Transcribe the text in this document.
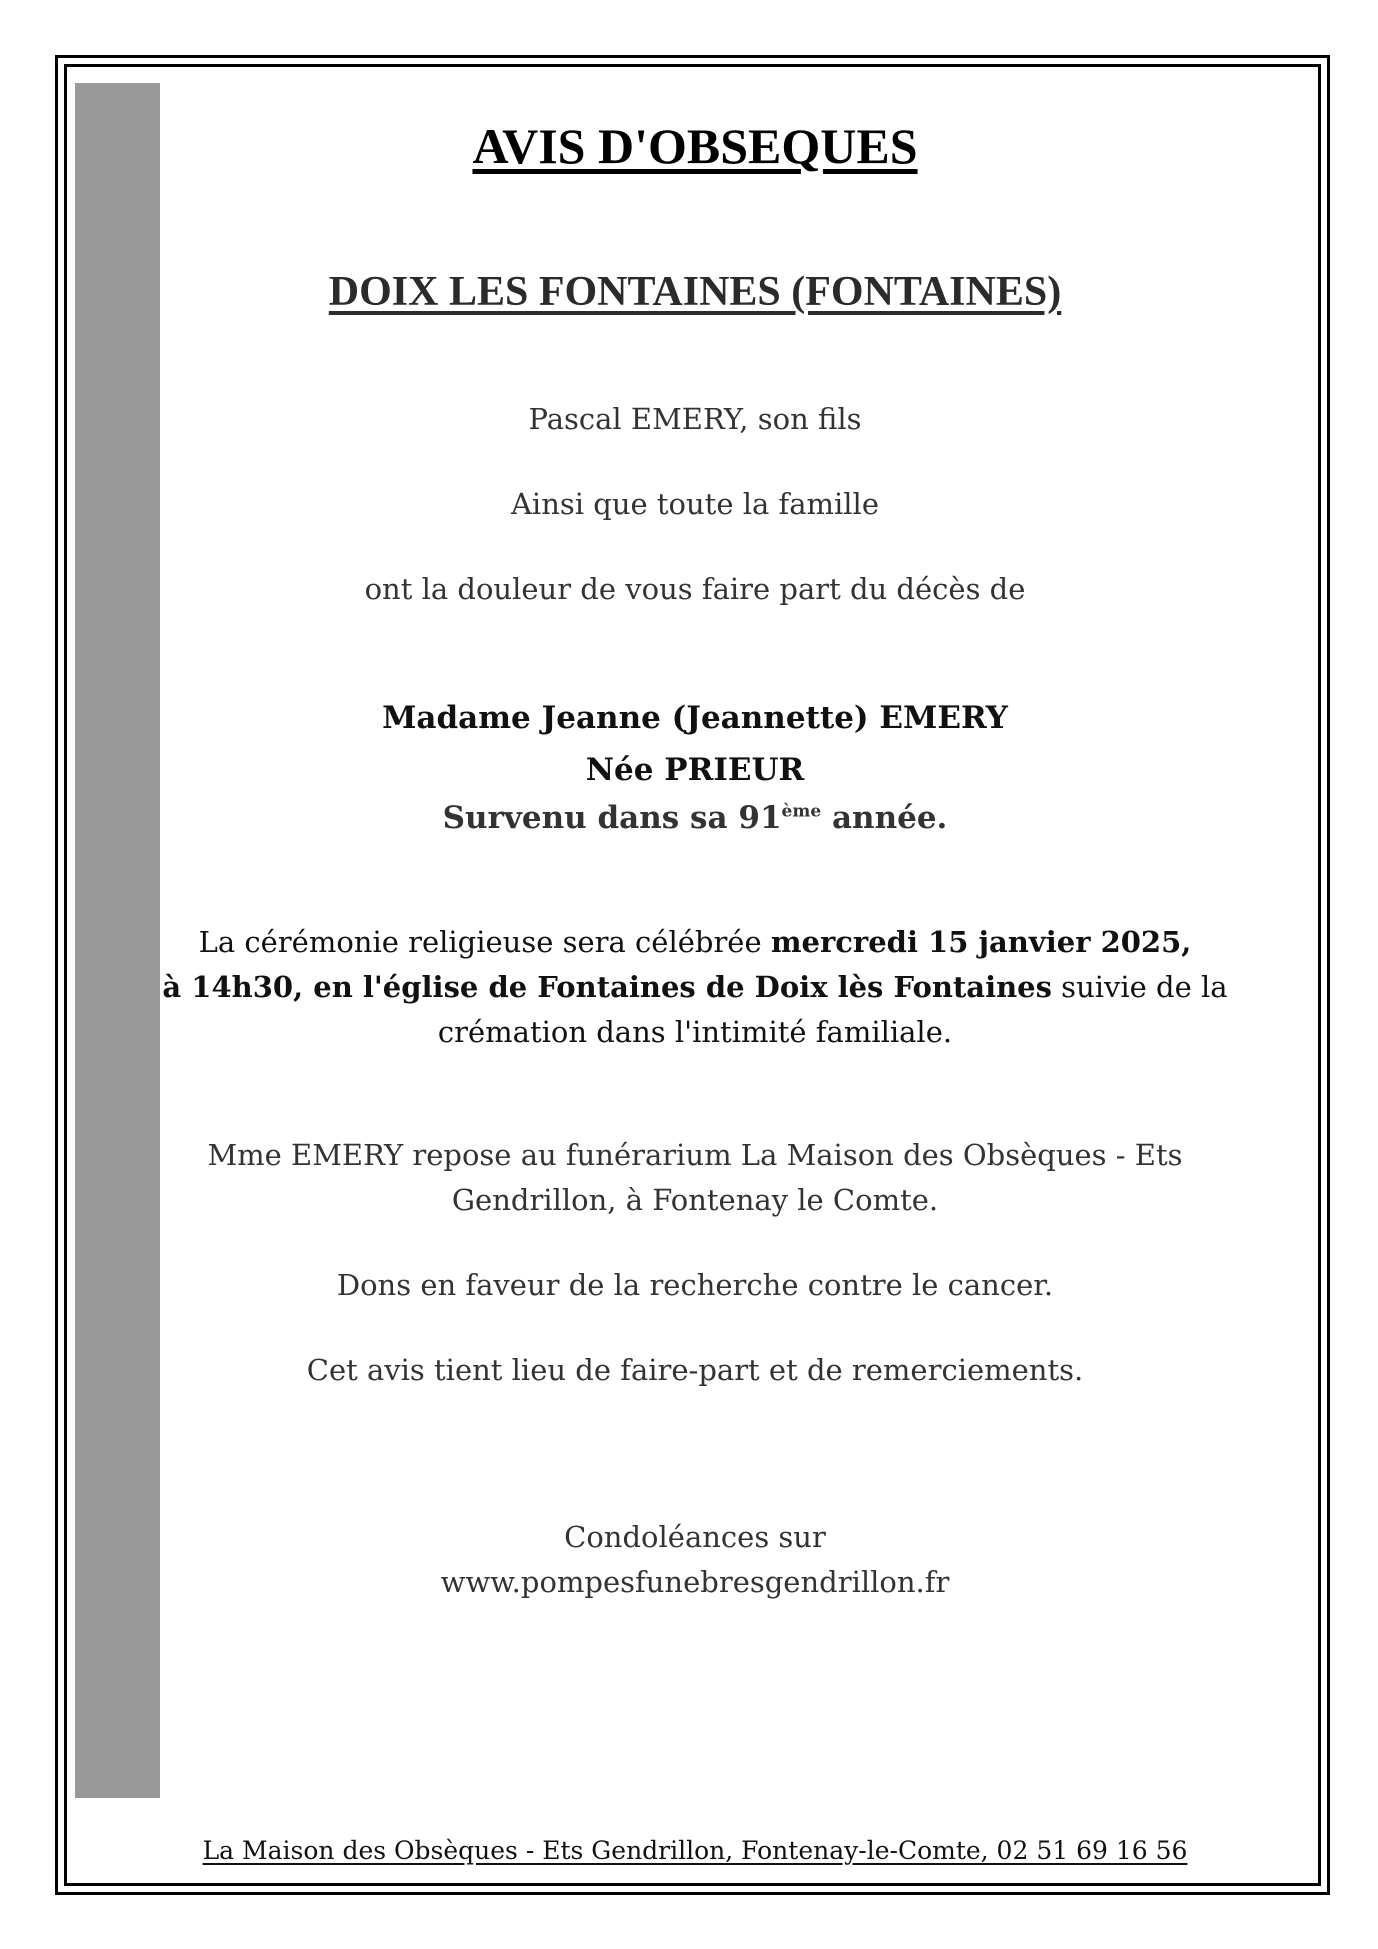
AVIS D'OBSEQUES
DOIX LES FONTAINES (FONTAINES)
Pascal EMERY, son fils
Ainsi que toute la famille
ont la douleur de vous faire part du décès de
Madame Jeanne (Jeannette) EMERY
Née PRIEUR
Survenu dans sa 91ème année.
La cérémonie religieuse sera célébrée mercredi 15 janvier 2025,
à 14h30, en l'église de Fontaines de Doix lès Fontaines suivie de la
crémation dans l'intimité familiale.
Mme EMERY repose au funérarium La Maison des Obsèques - Ets
Gendrillon, à Fontenay le Comte.
Dons en faveur de la recherche contre le cancer.
Cet avis tient lieu de faire-part et de remerciements.
Condoléances sur
www.pompesfunebresgendrillon.fr
La Maison des Obsèques - Ets Gendrillon, Fontenay-le-Comte, 02 51 69 16 56
